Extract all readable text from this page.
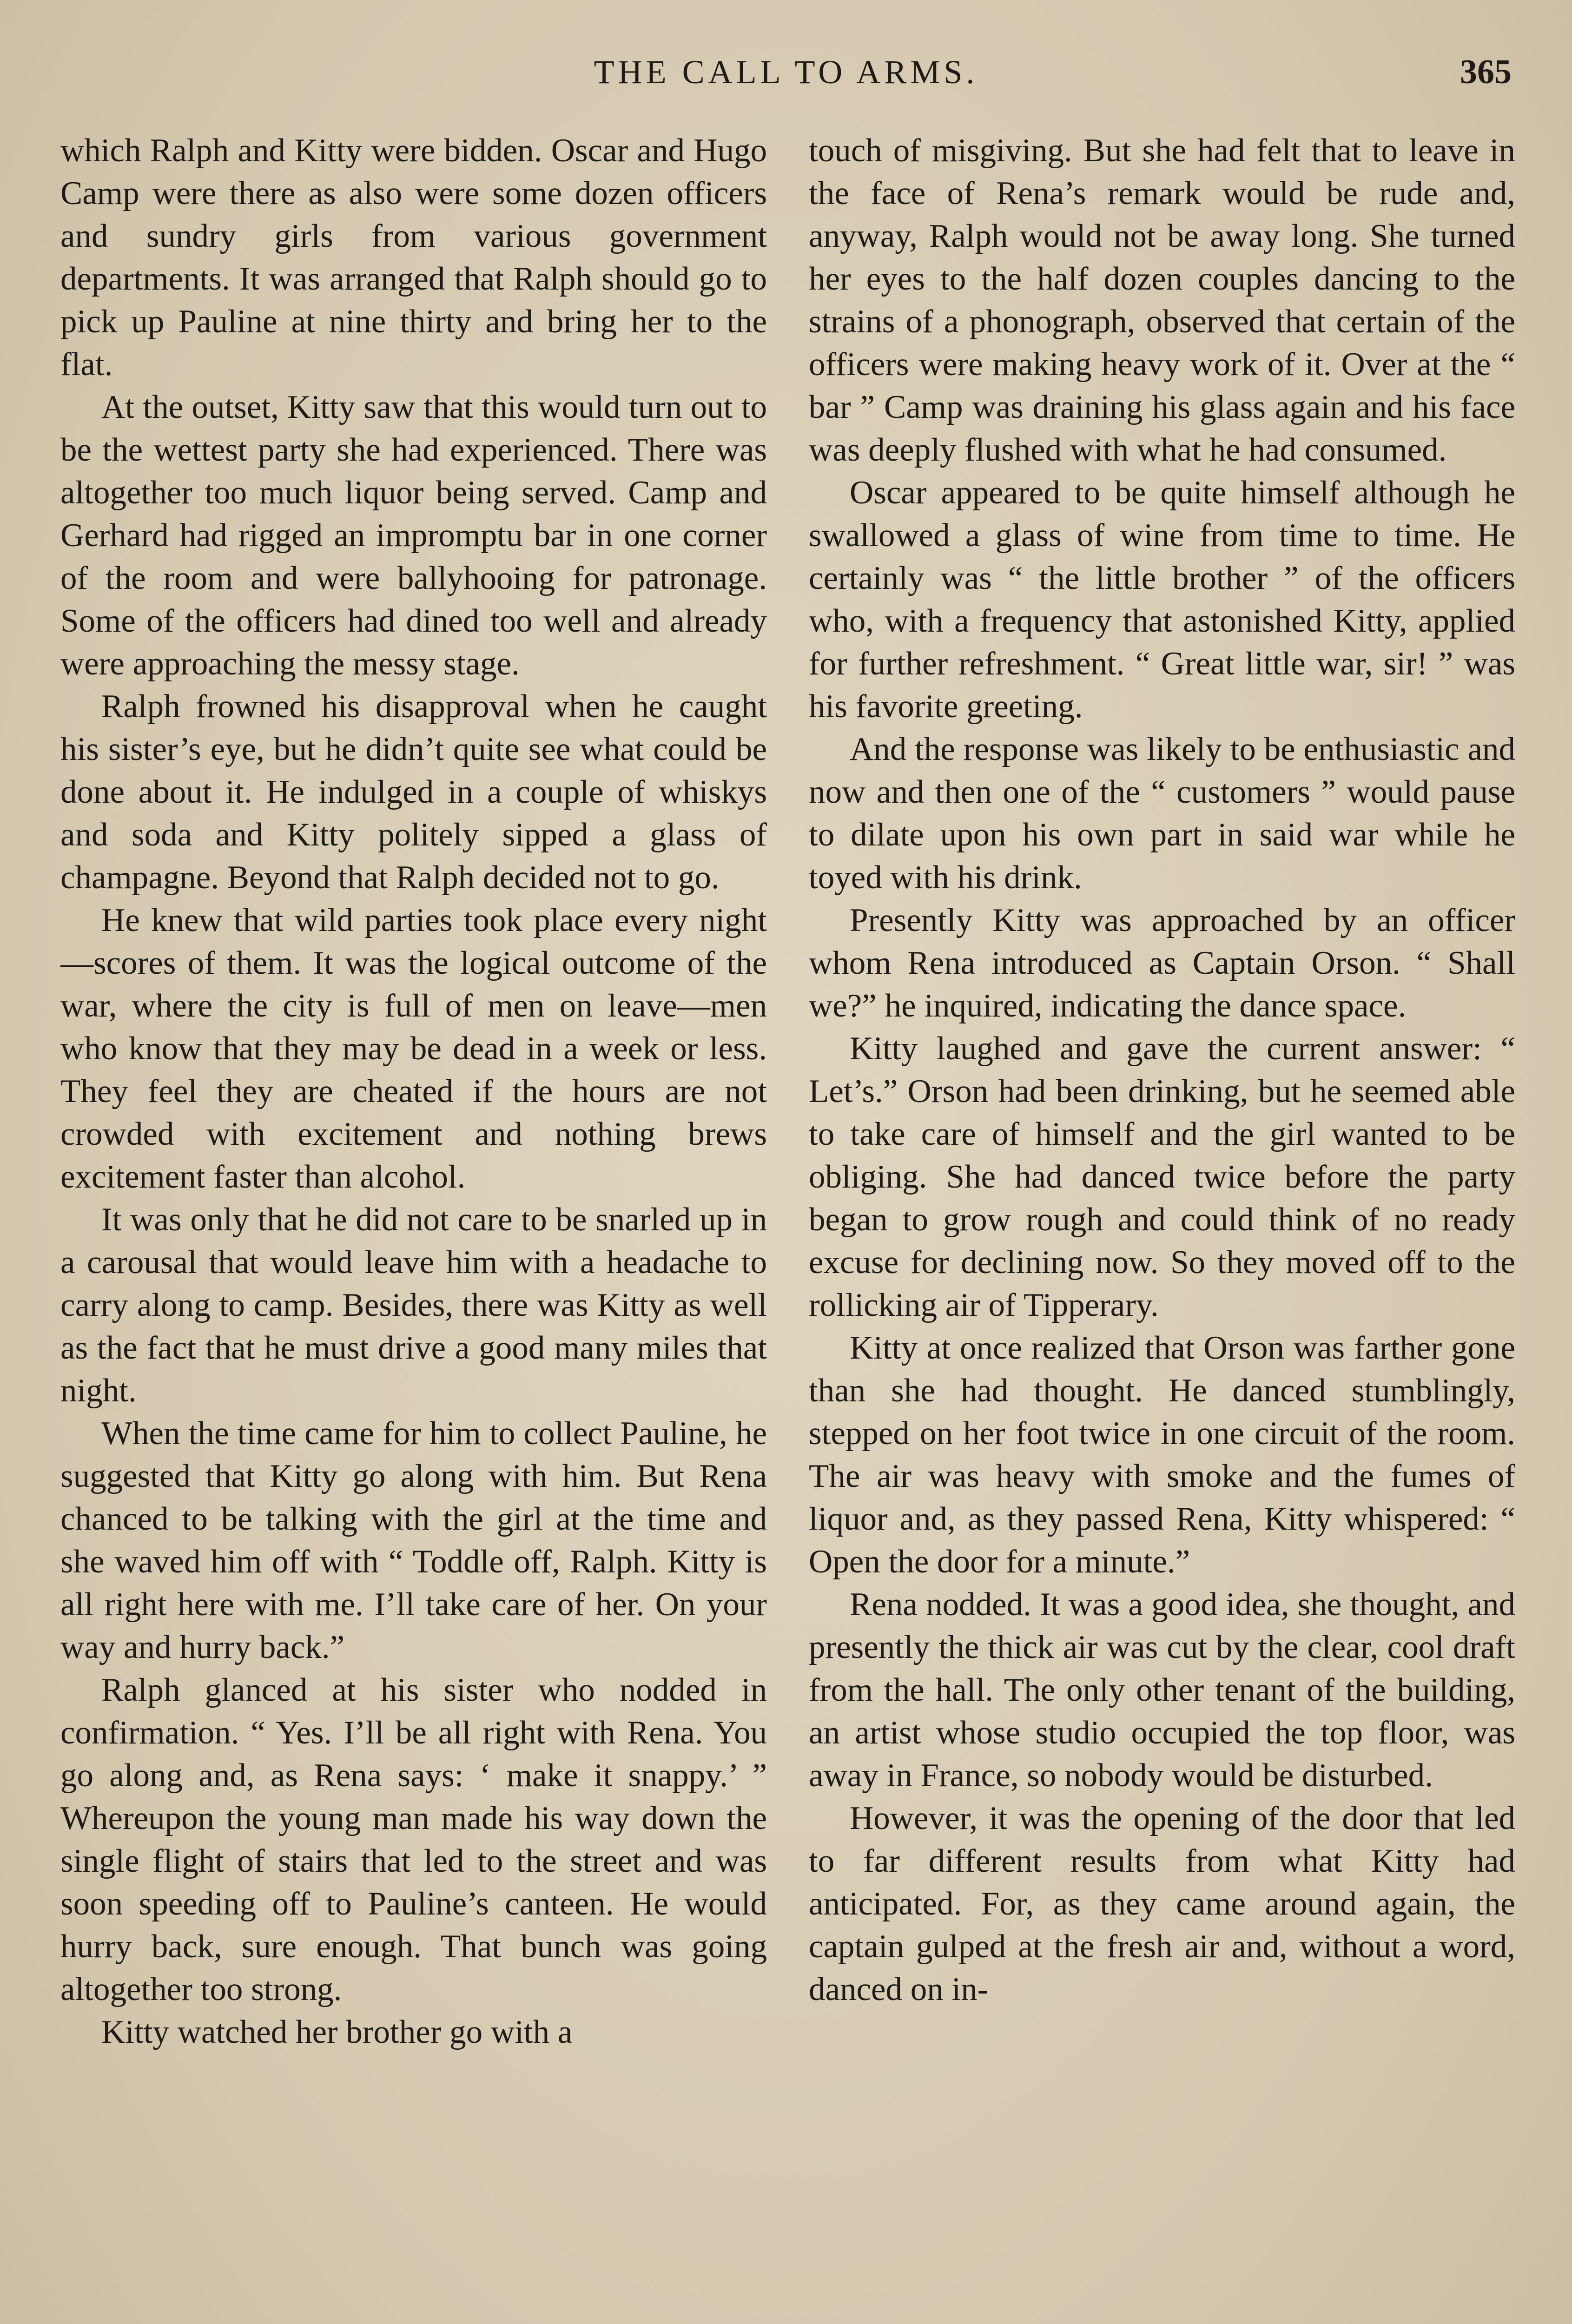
THE CALL TO ARMS.	365

which Ralph and Kitty were bidden. Oscar and Hugo Camp were there as also were some dozen officers and sundry girls from various government departments. It was arranged that Ralph should go to pick up Pauline at nine thirty and bring her to the flat.

At the outset, Kitty saw that this would turn out to be the wettest party she had experienced. There was altogether too much liquor being served. Camp and Gerhard had rigged an impromptu bar in one corner of the room and were ballyhooing for patronage. Some of the officers had dined too well and already were approaching the messy stage.

Ralph frowned his disapproval when he caught his sister’s eye, but he didn’t quite see what could be done about it. He indulged in a couple of whiskys and soda and Kitty politely sipped a glass of champagne. Beyond that Ralph decided not to go.

He knew that wild parties took place every night—scores of them. It was the logical outcome of the war, where the city is full of men on leave—men who know that they may be dead in a week or less. They feel they are cheated if the hours are not crowded with excitement and nothing brews excitement faster than alcohol.

It was only that he did not care to be snarled up in a carousal that would leave him with a headache to carry along to camp. Besides, there was Kitty as well as the fact that he must drive a good many miles that night.

When the time came for him to collect Pauline, he suggested that Kitty go along with him. But Rena chanced to be talking with the girl at the time and she waved him off with “ Toddle off, Ralph. Kitty is all right here with me. I’ll take care of her. On your way and hurry back.”

Ralph glanced at his sister who nodded in confirmation. “ Yes. I’ll be all right with Rena. You go along and, as Rena says: ‘ make it snappy.’ ” Whereupon the young man made his way down the single flight of stairs that led to the street and was soon speeding off to Pauline’s canteen. He would hurry back, sure enough. That bunch was going altogether too strong.

Kitty watched her brother go with a

touch of misgiving. But she had felt that to leave in the face of Rena’s remark would be rude and, anyway, Ralph would not be away long. She turned her eyes to the half dozen couples dancing to the strains of a phonograph, observed that certain of the officers were making heavy work of it. Over at the “ bar ” Camp was draining his glass again and his face was deeply flushed with what he had consumed.

Oscar appeared to be quite himself although he swallowed a glass of wine from time to time. He certainly was “ the little brother ” of the officers who, with a frequency that astonished Kitty, applied for further refreshment. “ Great little war, sir! ” was his favorite greeting.

And the response was likely to be enthusiastic and now and then one of the “ customers ” would pause to dilate upon his own part in said war while he toyed with his drink.

Presently Kitty was approached by an officer whom Rena introduced as Captain Orson. “ Shall we?” he inquired, indicating the dance space.

Kitty laughed and gave the current answer: “ Let’s.” Orson had been drinking, but he seemed able to take care of himself and the girl wanted to be obliging. She had danced twice before the party began to grow rough and could think of no ready excuse for declining now. So they moved off to the rollicking air of Tipperary.

Kitty at once realized that Orson was farther gone than she had thought. He danced stumblingly, stepped on her foot twice in one circuit of the room. The air was heavy with smoke and the fumes of liquor and, as they passed Rena, Kitty whispered: “ Open the door for a minute.”

Rena nodded. It was a good idea, she thought, and presently the thick air was cut by the clear, cool draft from the hall. The only other tenant of the building, an artist whose studio occupied the top floor, was away in France, so nobody would be disturbed.

However, it was the opening of the door that led to far different results from what Kitty had anticipated. For, as they came around again, the captain gulped at the fresh air and, without a word, danced on in-
